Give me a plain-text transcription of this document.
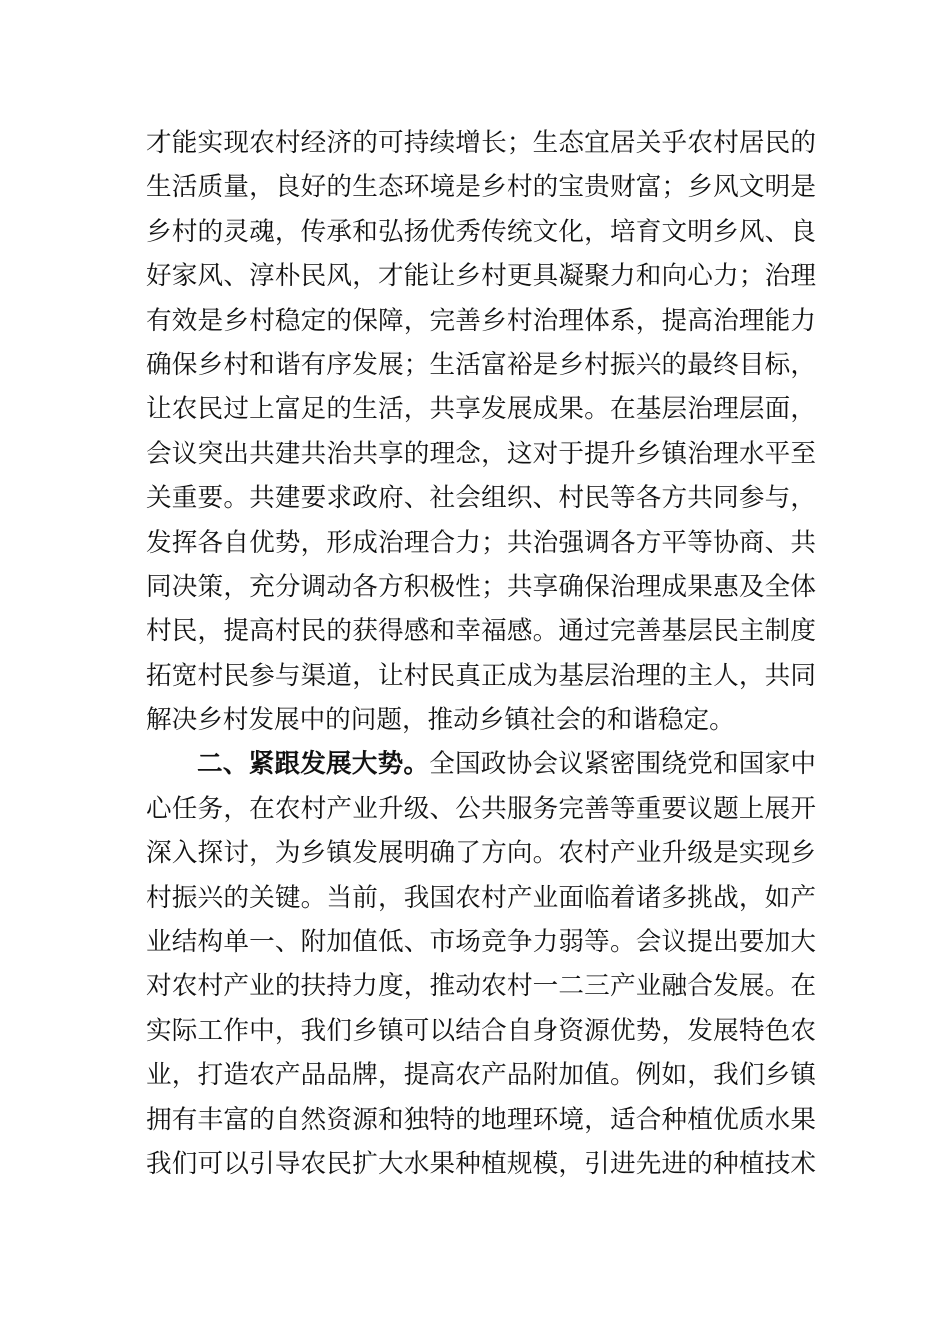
才能实现农村经济的可持续增长；生态宜居关乎农村居民的
生活质量，良好的生态环境是乡村的宝贵财富；乡风文明是
乡村的灵魂，传承和弘扬优秀传统文化，培育文明乡风、良
好家风、淳朴民风，才能让乡村更具凝聚力和向心力；治理
有效是乡村稳定的保障，完善乡村治理体系，提高治理能力
确保乡村和谐有序发展；生活富裕是乡村振兴的最终目标，
让农民过上富足的生活，共享发展成果。在基层治理层面，
会议突出共建共治共享的理念，这对于提升乡镇治理水平至
关重要。共建要求政府、社会组织、村民等各方共同参与，
发挥各自优势，形成治理合力；共治强调各方平等协商、共
同决策，充分调动各方积极性；共享确保治理成果惠及全体
村民，提高村民的获得感和幸福感。通过完善基层民主制度
拓宽村民参与渠道，让村民真正成为基层治理的主人，共同
解决乡村发展中的问题，推动乡镇社会的和谐稳定。
二、紧跟发展大势。全国政协会议紧密围绕党和国家中
心任务，在农村产业升级、公共服务完善等重要议题上展开
深入探讨，为乡镇发展明确了方向。农村产业升级是实现乡
村振兴的关键。当前，我国农村产业面临着诸多挑战，如产
业结构单一、附加值低、市场竞争力弱等。会议提出要加大
对农村产业的扶持力度，推动农村一二三产业融合发展。在
实际工作中，我们乡镇可以结合自身资源优势，发展特色农
业，打造农产品品牌，提高农产品附加值。例如，我们乡镇
拥有丰富的自然资源和独特的地理环境，适合种植优质水果
我们可以引导农民扩大水果种植规模，引进先进的种植技术
